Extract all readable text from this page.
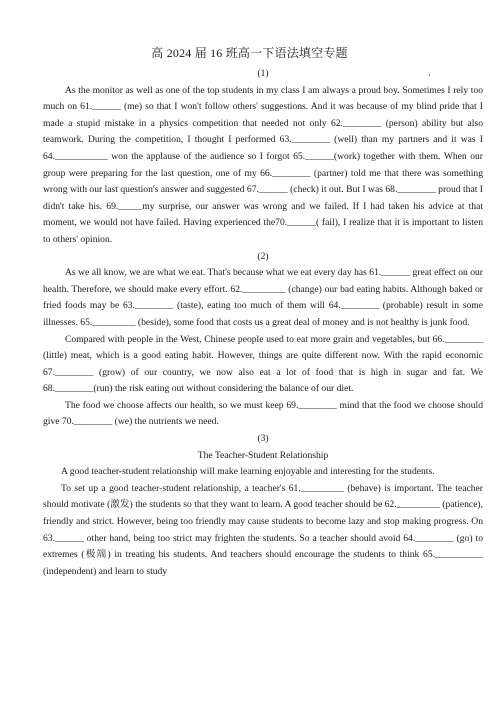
高 2024 届 16 班高一下语法填空专题
·

(1)

As the monitor as well as one of the top students in my class I am always a proud boy. Sometimes I rely too much on 61.______ (me) so that I won't follow others' suggestions. And it was because of my blind pride that I made a stupid mistake in a physics competition that needed not only 62.________ (person) ability but also teamwork. During the competition, I thought I performed 63.________ (well) than my partners and it was I 64.___________ won the applause of the audience so I forgot 65.______(work) together with them. When our group were preparing for the last question, one of my 66.________ (partner) told me that there was something wrong with our last question's answer and suggested 67.______ (check) it out. But I was 68.________ proud that I didn't take his. 69._____my surprise, our answer was wrong and we failed. If I had taken his advice at that moment, we would not have failed. Having experienced the70.______( fail), I realize that it is important to listen to others' opinion.

(2)

As we all know, we are what we eat. That's because what we eat every day has 61.______ great effect on our health. Therefore, we should make every effort. 62._________ (change) our bad eating habits. Although baked or fried foods may be 63.________ (taste), eating too much of them will 64.________ (probable) result in some illnesses. 65._________ (beside), some food that costs us a great deal of money and is not healthy is junk food.

Compared with people in the West, Chinese people used to eat more grain and vegetables, but 66.________ (little) meat, which is a good eating habit. However, things are quite different now. With the rapid economic 67.________ (grow) of our country, we now also eat a lot of food that is high in sugar and fat. We 68.________(run) the risk eating out without considering the balance of our diet.

The food we choose affects our health, so we must keep 69.________ mind that the food we choose should give 70.________ (we) the nutrients we need.

(3)

The Teacher-Student Relationship

A good teacher-student relationship will make learning enjoyable and interesting for the students.

To set up a good teacher-student relationship, a teacher's 61._________ (behave) is important. The teacher should motivate (激发) the students so that they want to learn. A good teacher should be 62._________ (patience), friendly and strict. However, being too friendly may cause students to become lazy and stop making progress. On 63.______ other hand, being too strict may frighten the students. So a teacher should avoid 64.________ (go) to extremes (极端) in treating his students. And teachers should encourage the students to think 65.__________ (independent) and learn to study
